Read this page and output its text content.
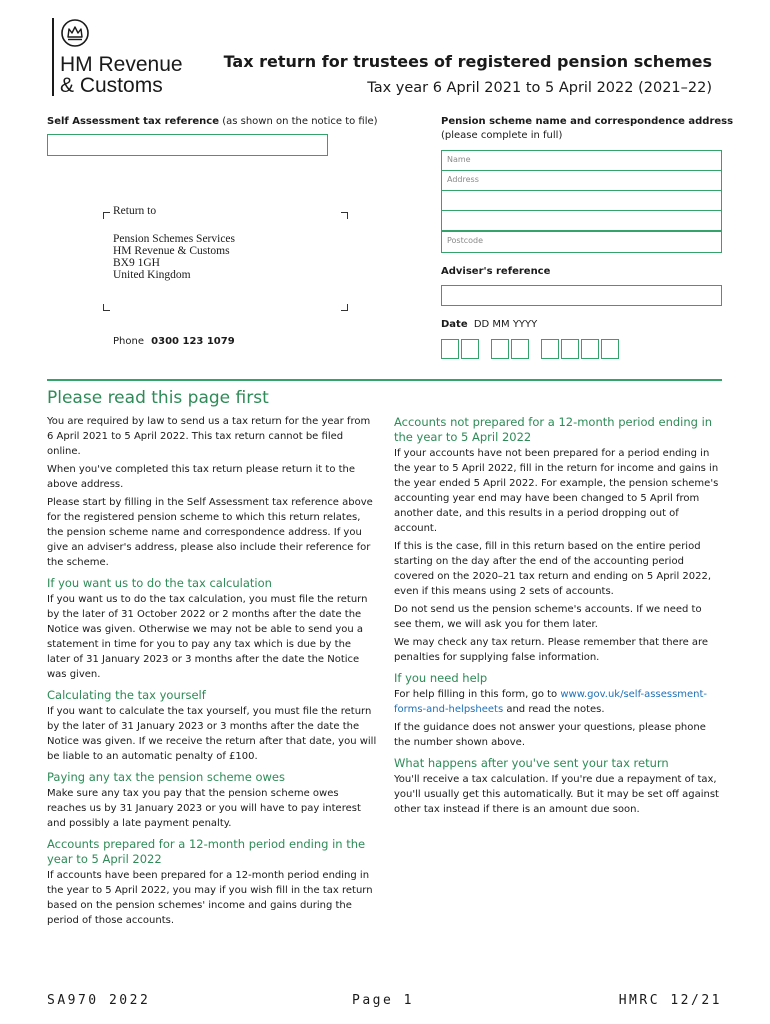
HM Revenue
& Customs
Tax return for trustees of registered pension schemes
Tax year 6 April 2021 to 5 April 2022 (2021–22)
Self Assessment tax reference (as shown on the notice to file)
Return to
Pension Schemes Services
HM Revenue & Customs
BX9 1GH
United Kingdom
Phone 0300 123 1079
Pension scheme name and correspondence address
(please complete in full)
Name
Address
Postcode
Adviser's reference
Date DD MM YYYY
Please read this page first

You are required by law to send us a tax return for the year from 6 April 2021 to 5 April 2022. This tax return cannot be filed online.

When you've completed this tax return please return it to the above address.

Please start by filling in the Self Assessment tax reference above for the registered pension scheme to which this return relates, the pension scheme name and correspondence address. If you give an adviser's address, please also include their reference for the scheme.

If you want us to do the tax calculation

If you want us to do the tax calculation, you must file the return by the later of 31 October 2022 or 2 months after the date the Notice was given. Otherwise we may not be able to send you a statement in time for you to pay any tax which is due by the later of 31 January 2023 or 3 months after the date the Notice was given.

Calculating the tax yourself

If you want to calculate the tax yourself, you must file the return by the later of 31 January 2023 or 3 months after the date the Notice was given. If we receive the return after that date, you will be liable to an automatic penalty of £100.

Paying any tax the pension scheme owes

Make sure any tax you pay that the pension scheme owes reaches us by 31 January 2023 or you will have to pay interest and possibly a late payment penalty.

Accounts prepared for a 12-month period ending in the year to 5 April 2022

If accounts have been prepared for a 12-month period ending in the year to 5 April 2022, you may if you wish fill in the tax return based on the pension schemes' income and gains during the period of those accounts.

Accounts not prepared for a 12-month period ending in the year to 5 April 2022

If your accounts have not been prepared for a period ending in the year to 5 April 2022, fill in the return for income and gains in the year ended 5 April 2022. For example, the pension scheme's accounting year end may have been changed to 5 April from another date, and this results in a period dropping out of account.

If this is the case, fill in this return based on the entire period starting on the day after the end of the accounting period covered on the 2020–21 tax return and ending on 5 April 2022, even if this means using 2 sets of accounts.

Do not send us the pension scheme's accounts. If we need to see them, we will ask you for them later.

We may check any tax return. Please remember that there are penalties for supplying false information.

If you need help

For help filling in this form, go to www.gov.uk/self-assessment-forms-and-helpsheets and read the notes.

If the guidance does not answer your questions, please phone the number shown above.

What happens after you've sent your tax return

You'll receive a tax calculation. If you're due a repayment of tax, you'll usually get this automatically. But it may be set off against other tax instead if there is an amount due soon.

SA970 2022	Page 1	HMRC 12/21
